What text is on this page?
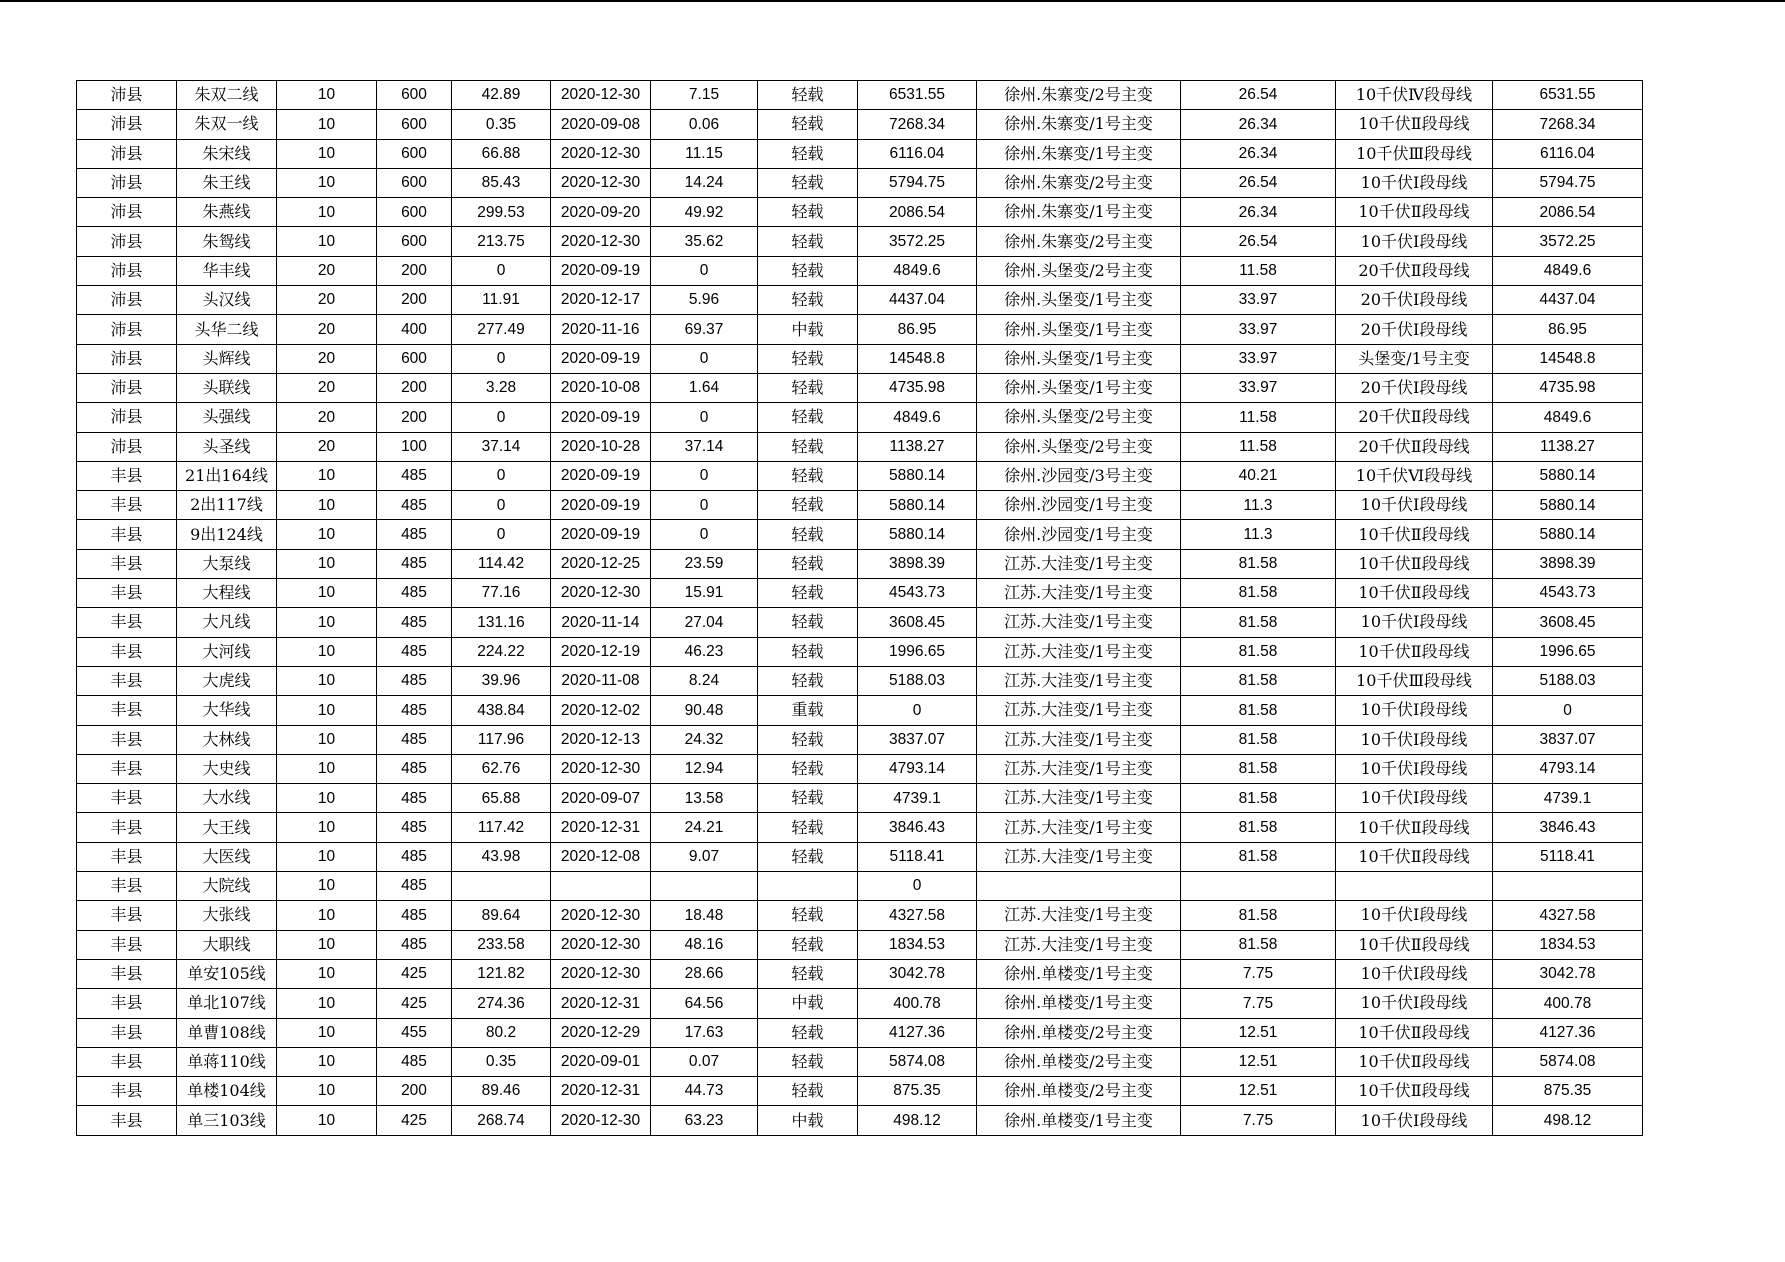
沛县	朱双二线	10	600	42.89	2020-12-30	7.15	轻载	6531.55	徐州.朱寨变/2号主变	26.54	10千伏Ⅳ段母线	6531.55
沛县	朱双一线	10	600	0.35	2020-09-08	0.06	轻载	7268.34	徐州.朱寨变/1号主变	26.34	10千伏Ⅱ段母线	7268.34
沛县	朱宋线	10	600	66.88	2020-12-30	11.15	轻载	6116.04	徐州.朱寨变/1号主变	26.34	10千伏Ⅲ段母线	6116.04
沛县	朱王线	10	600	85.43	2020-12-30	14.24	轻载	5794.75	徐州.朱寨变/2号主变	26.54	10千伏Ⅰ段母线	5794.75
沛县	朱燕线	10	600	299.53	2020-09-20	49.92	轻载	2086.54	徐州.朱寨变/1号主变	26.34	10千伏Ⅱ段母线	2086.54
沛县	朱鸳线	10	600	213.75	2020-12-30	35.62	轻载	3572.25	徐州.朱寨变/2号主变	26.54	10千伏Ⅰ段母线	3572.25
沛县	华丰线	20	200	0	2020-09-19	0	轻载	4849.6	徐州.头堡变/2号主变	11.58	20千伏Ⅱ段母线	4849.6
沛县	头汉线	20	200	11.91	2020-12-17	5.96	轻载	4437.04	徐州.头堡变/1号主变	33.97	20千伏Ⅰ段母线	4437.04
沛县	头华二线	20	400	277.49	2020-11-16	69.37	中载	86.95	徐州.头堡变/1号主变	33.97	20千伏Ⅰ段母线	86.95
沛县	头辉线	20	600	0	2020-09-19	0	轻载	14548.8	徐州.头堡变/1号主变	33.97	头堡变/1号主变	14548.8
沛县	头联线	20	200	3.28	2020-10-08	1.64	轻载	4735.98	徐州.头堡变/1号主变	33.97	20千伏Ⅰ段母线	4735.98
沛县	头强线	20	200	0	2020-09-19	0	轻载	4849.6	徐州.头堡变/2号主变	11.58	20千伏Ⅱ段母线	4849.6
沛县	头圣线	20	100	37.14	2020-10-28	37.14	轻载	1138.27	徐州.头堡变/2号主变	11.58	20千伏Ⅱ段母线	1138.27
丰县	21出164线	10	485	0	2020-09-19	0	轻载	5880.14	徐州.沙园变/3号主变	40.21	10千伏Ⅵ段母线	5880.14
丰县	2出117线	10	485	0	2020-09-19	0	轻载	5880.14	徐州.沙园变/1号主变	11.3	10千伏Ⅰ段母线	5880.14
丰县	9出124线	10	485	0	2020-09-19	0	轻载	5880.14	徐州.沙园变/1号主变	11.3	10千伏Ⅱ段母线	5880.14
丰县	大泵线	10	485	114.42	2020-12-25	23.59	轻载	3898.39	江苏.大洼变/1号主变	81.58	10千伏Ⅱ段母线	3898.39
丰县	大程线	10	485	77.16	2020-12-30	15.91	轻载	4543.73	江苏.大洼变/1号主变	81.58	10千伏Ⅱ段母线	4543.73
丰县	大凡线	10	485	131.16	2020-11-14	27.04	轻载	3608.45	江苏.大洼变/1号主变	81.58	10千伏Ⅰ段母线	3608.45
丰县	大河线	10	485	224.22	2020-12-19	46.23	轻载	1996.65	江苏.大洼变/1号主变	81.58	10千伏Ⅱ段母线	1996.65
丰县	大虎线	10	485	39.96	2020-11-08	8.24	轻载	5188.03	江苏.大洼变/1号主变	81.58	10千伏Ⅲ段母线	5188.03
丰县	大华线	10	485	438.84	2020-12-02	90.48	重载	0	江苏.大洼变/1号主变	81.58	10千伏Ⅰ段母线	0
丰县	大林线	10	485	117.96	2020-12-13	24.32	轻载	3837.07	江苏.大洼变/1号主变	81.58	10千伏Ⅰ段母线	3837.07
丰县	大史线	10	485	62.76	2020-12-30	12.94	轻载	4793.14	江苏.大洼变/1号主变	81.58	10千伏Ⅰ段母线	4793.14
丰县	大水线	10	485	65.88	2020-09-07	13.58	轻载	4739.1	江苏.大洼变/1号主变	81.58	10千伏Ⅰ段母线	4739.1
丰县	大王线	10	485	117.42	2020-12-31	24.21	轻载	3846.43	江苏.大洼变/1号主变	81.58	10千伏Ⅱ段母线	3846.43
丰县	大医线	10	485	43.98	2020-12-08	9.07	轻载	5118.41	江苏.大洼变/1号主变	81.58	10千伏Ⅱ段母线	5118.41
丰县	大院线	10	485					0				
丰县	大张线	10	485	89.64	2020-12-30	18.48	轻载	4327.58	江苏.大洼变/1号主变	81.58	10千伏Ⅰ段母线	4327.58
丰县	大职线	10	485	233.58	2020-12-30	48.16	轻载	1834.53	江苏.大洼变/1号主变	81.58	10千伏Ⅱ段母线	1834.53
丰县	单安105线	10	425	121.82	2020-12-30	28.66	轻载	3042.78	徐州.单楼变/1号主变	7.75	10千伏Ⅰ段母线	3042.78
丰县	单北107线	10	425	274.36	2020-12-31	64.56	中载	400.78	徐州.单楼变/1号主变	7.75	10千伏Ⅰ段母线	400.78
丰县	单曹108线	10	455	80.2	2020-12-29	17.63	轻载	4127.36	徐州.单楼变/2号主变	12.51	10千伏Ⅱ段母线	4127.36
丰县	单蒋110线	10	485	0.35	2020-09-01	0.07	轻载	5874.08	徐州.单楼变/2号主变	12.51	10千伏Ⅱ段母线	5874.08
丰县	单楼104线	10	200	89.46	2020-12-31	44.73	轻载	875.35	徐州.单楼变/2号主变	12.51	10千伏Ⅱ段母线	875.35
丰县	单三103线	10	425	268.74	2020-12-30	63.23	中载	498.12	徐州.单楼变/1号主变	7.75	10千伏Ⅰ段母线	498.12
